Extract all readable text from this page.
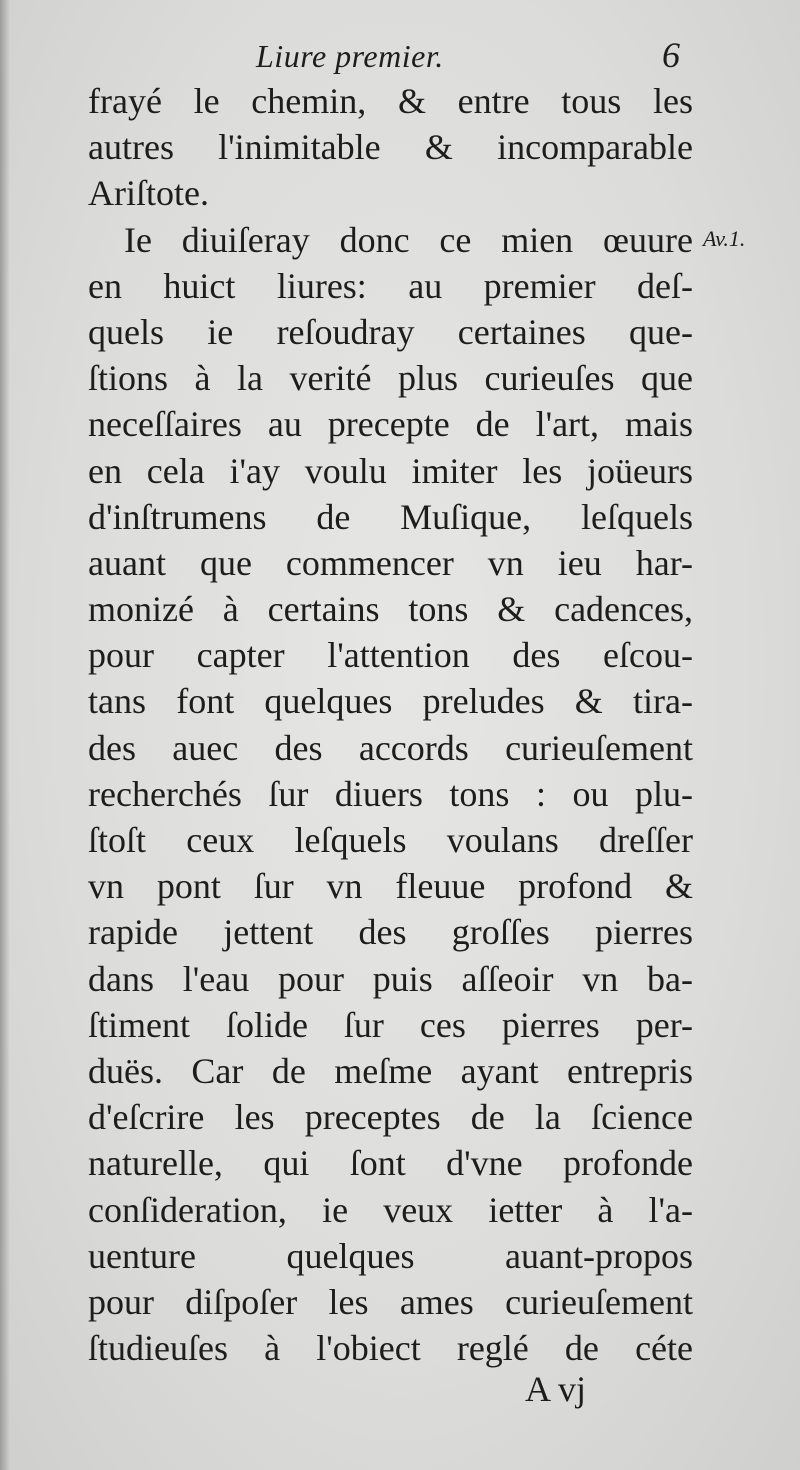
Liure premier.	6
Av.1.
frayé le chemin, & entre tous les
autres l'inimitable & incomparable
Ariſtote.
Ie diuiſeray donc ce mien œuure
en huict liures: au premier deſ-
quels ie reſoudray certaines que-
ſtions à la verité plus curieuſes que
neceſſaires au precepte de l'art, mais
en cela i'ay voulu imiter les joüeurs
d'inſtrumens de Muſique, leſquels
auant que commencer vn ieu har-
monizé à certains tons & cadences,
pour capter l'attention des eſcou-
tans font quelques preludes & tira-
des auec des accords curieuſement
recherchés ſur diuers tons : ou plu-
ſtoſt ceux leſquels voulans dreſſer
vn pont ſur vn fleuue profond &
rapide jettent des groſſes pierres
dans l'eau pour puis aſſeoir vn ba-
ſtiment ſolide ſur ces pierres per-
duës. Car de meſme ayant entrepris
d'eſcrire les preceptes de la ſcience
naturelle, qui ſont d'vne profonde
conſideration, ie veux ietter à l'a-
uenture quelques auant-propos
pour diſpoſer les ames curieuſement
ſtudieuſes à l'obiect reglé de céte
A vj
